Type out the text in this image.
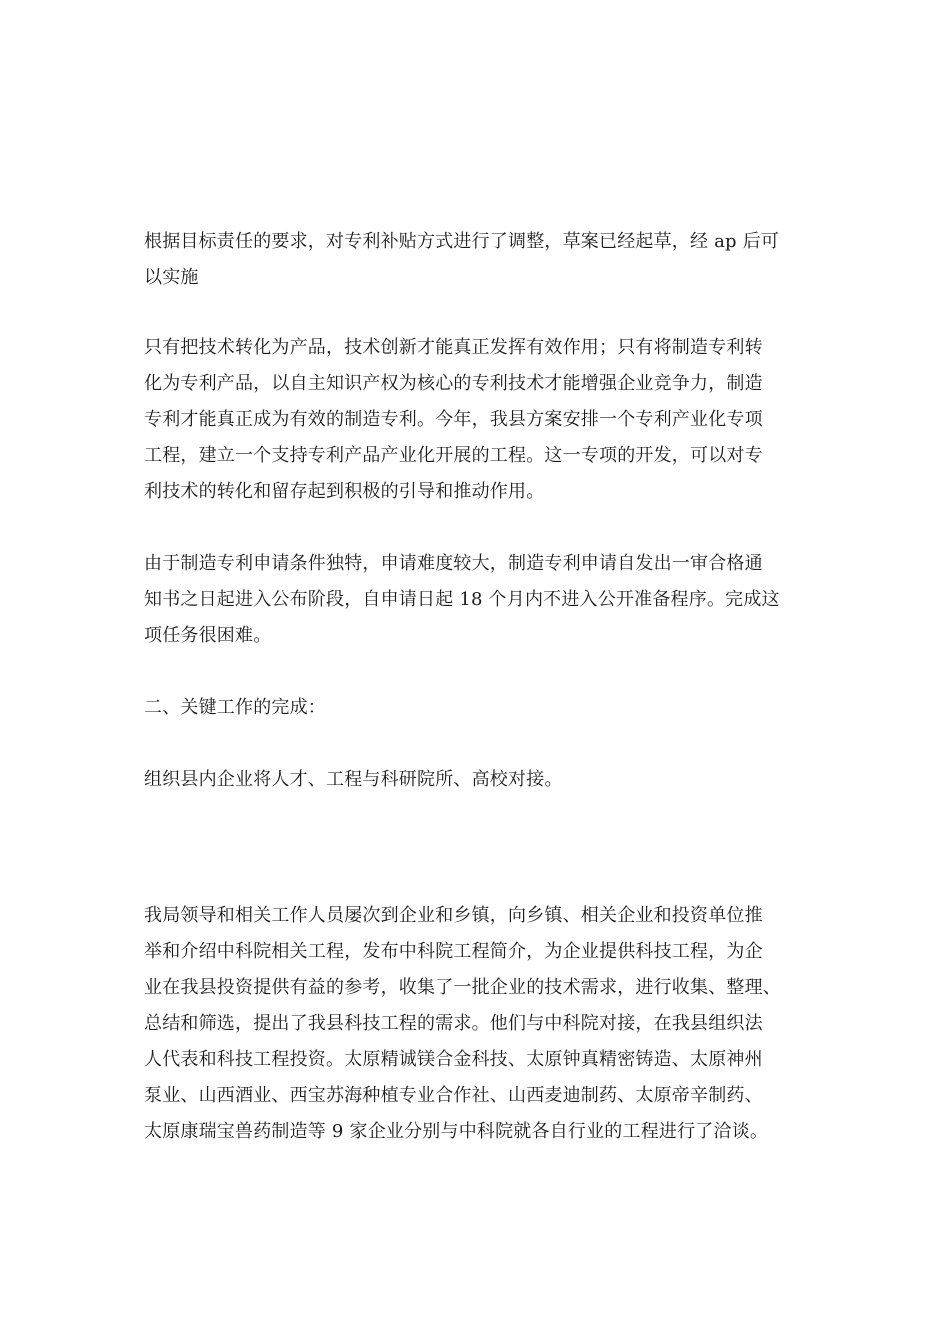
根据目标责任的要求，对专利补贴方式进行了调整，草案已经起草，经 ap 后可
以实施

只有把技术转化为产品，技术创新才能真正发挥有效作用；只有将制造专利转
化为专利产品，以自主知识产权为核心的专利技术才能增强企业竞争力，制造
专利才能真正成为有效的制造专利。今年，我县方案安排一个专利产业化专项
工程，建立一个支持专利产品产业化开展的工程。这一专项的开发，可以对专
利技术的转化和留存起到积极的引导和推动作用。

由于制造专利申请条件独特，申请难度较大，制造专利申请自发出一审合格通
知书之日起进入公布阶段，自申请日起 18 个月内不进入公开准备程序。完成这
项任务很困难。

二、关键工作的完成：

组织县内企业将人才、工程与科研院所、高校对接。

我局领导和相关工作人员屡次到企业和乡镇，向乡镇、相关企业和投资单位推
举和介绍中科院相关工程，发布中科院工程简介，为企业提供科技工程，为企
业在我县投资提供有益的参考，收集了一批企业的技术需求，进行收集、整理、
总结和筛选，提出了我县科技工程的需求。他们与中科院对接，在我县组织法
人代表和科技工程投资。太原精诚镁合金科技、太原钟真精密铸造、太原神州
泵业、山西酒业、西宝苏海种植专业合作社、山西麦迪制药、太原帝辛制药、
太原康瑞宝兽药制造等 9 家企业分别与中科院就各自行业的工程进行了洽谈。
